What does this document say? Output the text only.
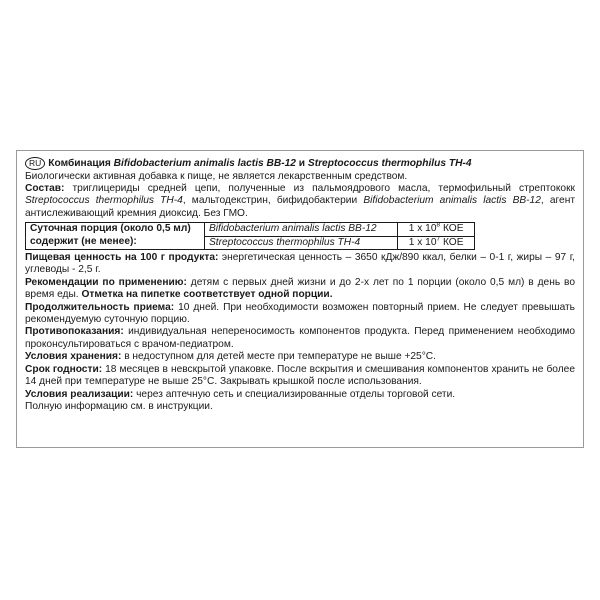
RU Комбинация Bifidobacterium animalis lactis BB-12 и Streptococcus thermophilus TH-4

Биологически активная добавка к пище, не является лекарственным средством.

Состав: триглицериды средней цепи, полученные из пальмоядрового масла, термофильный стрептококк Streptococcus thermophilus TH-4, мальтодекстрин, бифидобактерии Bifidobacterium animalis lactis BB-12, агент антислеживающий кремния диоксид. Без ГМО.

Суточная порция (около 0,5 мл)
содержит (не менее):	Bifidobacterium animalis lactis BB-12	1 x $10^8$ КОЕ
	Streptococcus thermophilus TH-4	1 x $10^7$ КОЕ

Пищевая ценность на 100 г продукта: энергетическая ценность – 3650 кДж/890 ккал, белки – 0-1 г, жиры – 97 г, углеводы - 2,5 г.

Рекомендации по применению: детям с первых дней жизни и до 2-х лет по 1 порции (около 0,5 мл) в день во время еды. Отметка на пипетке соответствует одной порции.

Продолжительность приема: 10 дней. При необходимости возможен повторный прием. Не следует превышать рекомендуемую суточную порцию.

Противопоказания: индивидуальная непереносимость компонентов продукта. Перед применением необходимо проконсультироваться с врачом-педиатром.

Условия хранения: в недоступном для детей месте при температуре не выше +25°С.

Срок годности: 18 месяцев в невскрытой упаковке. После вскрытия и смешивания компонентов хранить не более 14 дней при температуре не выше 25°С. Закрывать крышкой после использования.

Условия реализации: через аптечную сеть и специализированные отделы торговой сети.

Полную информацию см. в инструкции.
